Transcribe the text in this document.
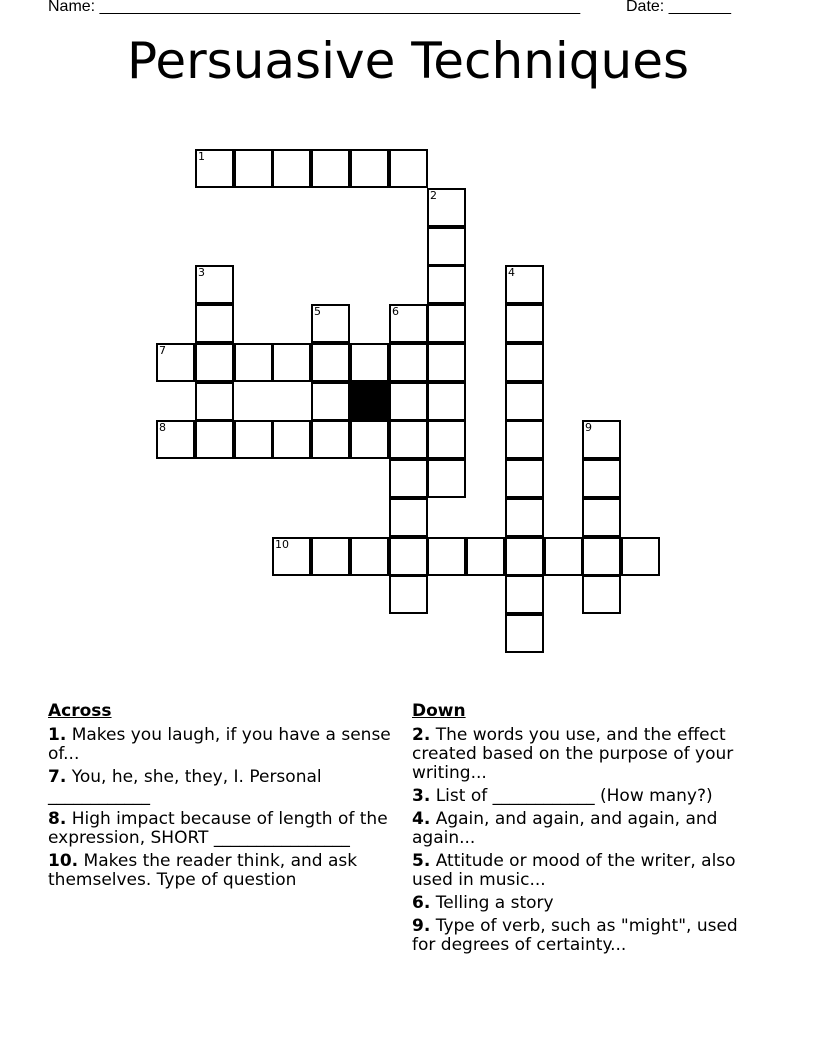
Name: ______________________________________________________	Date: _______
Persuasive Techniques
1
2
3	4
5	6
7
8	9
10
Across
1. Makes you laugh, if you have a sense of...
7. You, he, she, they, I. Personal ____________
8. High impact because of length of the expression, SHORT ________________
10. Makes the reader think, and ask themselves. Type of question
Down
2. The words you use, and the effect created based on the purpose of your writing...
3. List of ____________ (How many?)
4. Again, and again, and again, and again...
5. Attitude or mood of the writer, also used in music...
6. Telling a story
9. Type of verb, such as "might", used for degrees of certainty...
